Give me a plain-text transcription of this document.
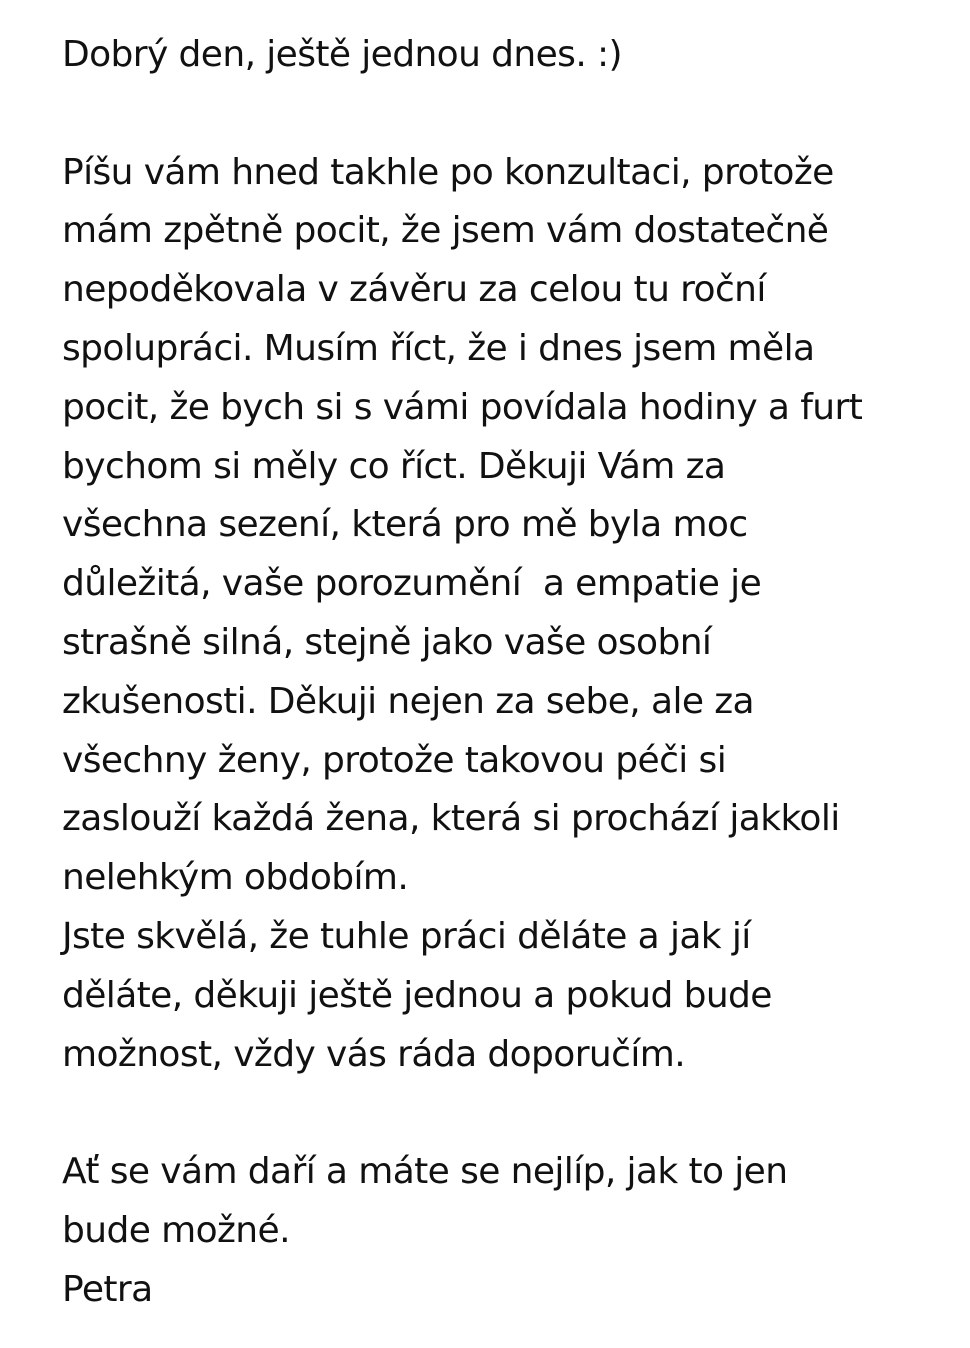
Dobrý den, ještě jednou dnes. :)
Píšu vám hned takhle po konzultaci, protože
mám zpětně pocit, že jsem vám dostatečně
nepoděkovala v závěru za celou tu roční
spolupráci. Musím říct, že i dnes jsem měla
pocit, že bych si s vámi povídala hodiny a furt
bychom si měly co říct. Děkuji Vám za
všechna sezení, která pro mě byla moc
důležitá, vaše porozumění  a empatie je
strašně silná, stejně jako vaše osobní
zkušenosti. Děkuji nejen za sebe, ale za
všechny ženy, protože takovou péči si
zaslouží každá žena, která si prochází jakkoli
nelehkým obdobím.
Jste skvělá, že tuhle práci děláte a jak jí
děláte, děkuji ještě jednou a pokud bude
možnost, vždy vás ráda doporučím.
Ať se vám daří a máte se nejlíp, jak to jen
bude možné.
Petra
